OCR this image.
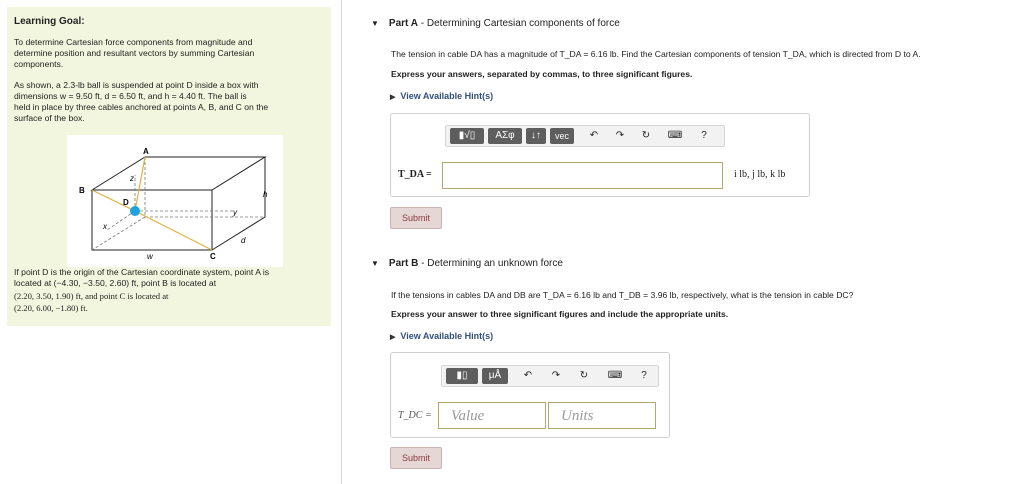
Learning Goal:

To determine Cartesian force components from magnitude and

determine position and resultant vectors by summing Cartesian

components.

As shown, a 2.3-lb ball is suspended at point D inside a box with

dimensions w = 9.50 ft, d = 6.50 ft, and h = 4.40 ft. The ball is

held in place by three cables anchored at points A, B, and C on the

surface of the box.

A
B
C
D
h
w
d
x
y
z

If point D is the origin of the Cartesian coordinate system, point A is

located at (−4.30, −3.50, 2.60) ft, point B is located at

(2.20, 3.50, 1.90) ft, and point C is located at

(2.20, 6.00, −1.80) ft.

▼ Part A - Determining Cartesian components of force
The tension in cable DA has a magnitude of T_DA = 6.16 lb. Find the Cartesian components of tension T_DA, which is directed from D to A.
Express your answers, separated by commas, to three significant figures.
▶ View Available Hint(s)
▮√▯	ΑΣφ	↓↑	vec	↶	↷	↻	⌨	?
T_DA =	i lb, j lb, k lb
Submit
▼ Part B - Determining an unknown force
If the tensions in cables DA and DB are T_DA = 6.16 lb and T_DB = 3.96 lb, respectively, what is the tension in cable DC?
Express your answer to three significant figures and include the appropriate units.
▶ View Available Hint(s)
▮▯	μÅ	↶	↷	↻	⌨	?
T_DC =	Value	Units
Submit
